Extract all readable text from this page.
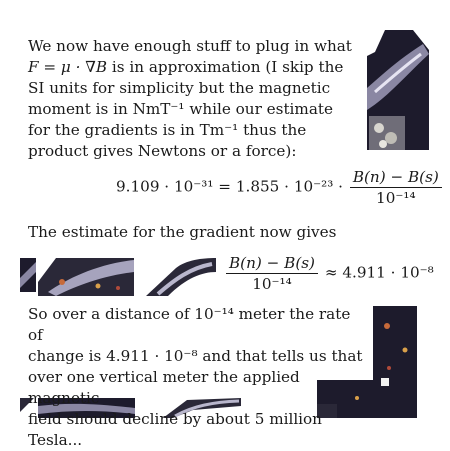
We now have enough stuff to plug in what
F = μ · ∇B is in approximation (I skip the
SI units for simplicity but the magnetic
moment is in NmT⁻¹ while our estimate
for the gradients is in Tm⁻¹ thus the
product gives Newtons or a force):
$9.109 \cdot 10^{-31} = 1.855 \cdot 10^{-23} \cdot \frac{B(n) - B(s)}{\text{10⁻¹⁴}}$
The estimate for the gradient now gives
$\frac{B(n) - B(s)}{\text{10⁻¹⁴}} \approx 4.911 \cdot 10^{-8}$
So over a distance of 10⁻¹⁴ meter the rate of
change is 4.911 · 10⁻⁸ and that tells us that
over one vertical meter the applied magnetic
field should decline by about 5 million Tesla...
